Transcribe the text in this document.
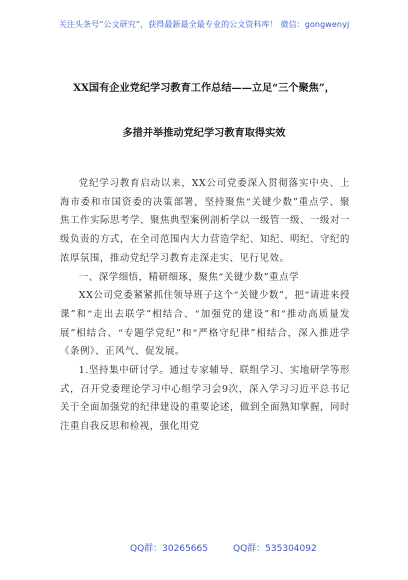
关注头条号“公文研究”，获得最新最全最专业的公文资料库！ 微信：gongwenyj
XX国有企业党纪学习教育工作总结——立足“三个聚焦”，
多措并举推动党纪学习教育取得实效

党纪学习教育启动以来，XX公司党委深入贯彻落实中央、上海市委和市国资委的决策部署，坚持聚焦“关键少数”重点学、聚焦工作实际思考学、聚焦典型案例剖析学以一级管一级、一级对一级负责的方式，在全司范围内大力营造学纪、知纪、明纪、守纪的浓厚氛围，推动党纪学习教育走深走实、见行见效。

一、深学细悟，精研细琢，聚焦“关键少数”重点学

XX公司党委紧紧抓住领导班子这个“关键少数”，把“请进来授课”和“走出去联学”相结合、“加强党的建设”和“推动高质量发展”相结合、“专题学党纪”和“严格守纪律”相结合，深入推进学《条例》、正风气、促发展。

1.坚持集中研讨学。通过专家辅导、联组学习、实地研学等形式，召开党委理论学习中心组学习会9次，深入学习习近平总书记关于全面加强党的纪律建设的重要论述，做到全面熟知掌握，同时注重自我反思和检视，强化用党

QQ群：30265665	QQ群：535304092
